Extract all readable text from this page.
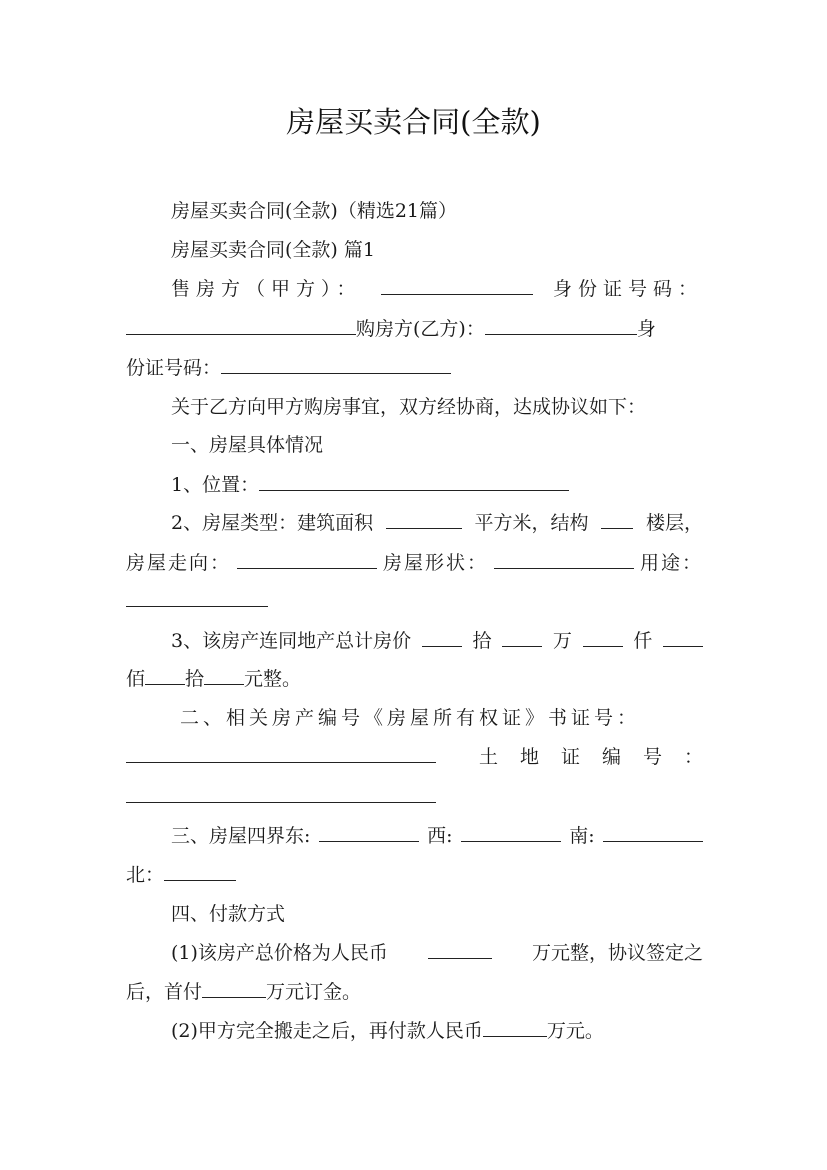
房屋买卖合同(全款)
房屋买卖合同(全款)（精选21篇）
房屋买卖合同(全款) 篇1
售房方（甲方）：	身份证号码：
购房方(乙方)：	身
份证号码：
关于乙方向甲方购房事宜，双方经协商，达成协议如下：
一、房屋具体情况
1、位置：
2、房屋类型：建筑面积	平方米，结构	楼层，
房屋走向：	房屋形状：	用途：
3、该房产连同地产总计房价	拾	万	仟
佰 拾 元整。
二、相关房产编号《房屋所有权证》书证号：
土地证编号：
三、房屋四界东:	西:	南:
北：
四、付款方式
(1)该房产总价格为人民币	万元整，协议签定之
后，首付	万元订金。
(2)甲方完全搬走之后，再付款人民币	万元。
